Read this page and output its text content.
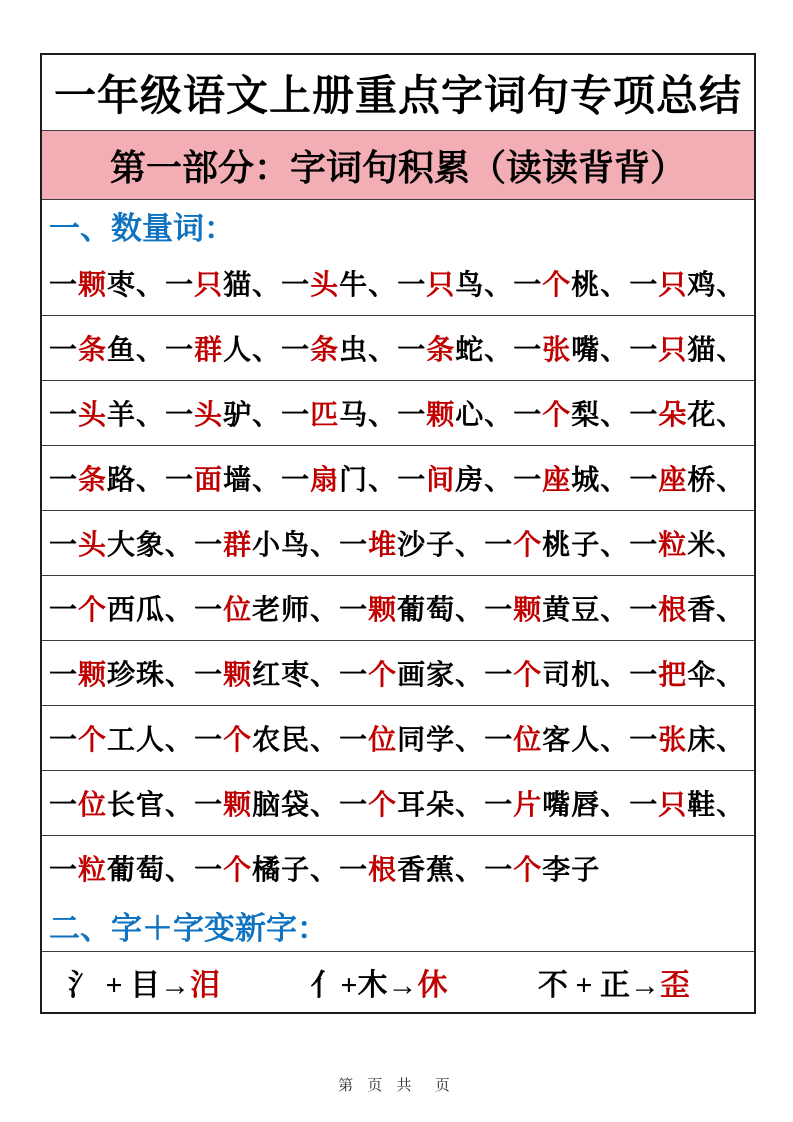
一年级语文上册重点字词句专项总结
第一部分：字词句积累（读读背背）
一、数量词：
一颗枣、 一只猫、 一头牛、 一只鸟、 一个桃、 一只鸡、
一条鱼、 一群人、 一条虫、 一条蛇、 一张嘴、 一只猫、
一头羊、 一头驴、 一匹马、 一颗心、 一个梨、 一朵花、
一条路、 一面墙、 一扇门、 一间房、 一座城、 一座桥、
一头大象、 一群小鸟、 一堆沙子、 一个桃子、 一粒米、
一个西瓜、 一位老师、 一颗葡萄、 一颗黄豆、 一根香、
一颗珍珠、 一颗红枣、 一个画家、 一个司机、 一把伞、
一个工人、 一个农民、 一位同学、 一位客人、 一张床、
一位长官、 一颗脑袋、 一个耳朵、 一片嘴唇、 一只鞋、
一粒葡萄、 一个橘子、 一根香蕉、 一个李子
二、字＋字变新字：
氵 + 目→泪	亻+木→休	不 + 正→歪
第 页 共  页
